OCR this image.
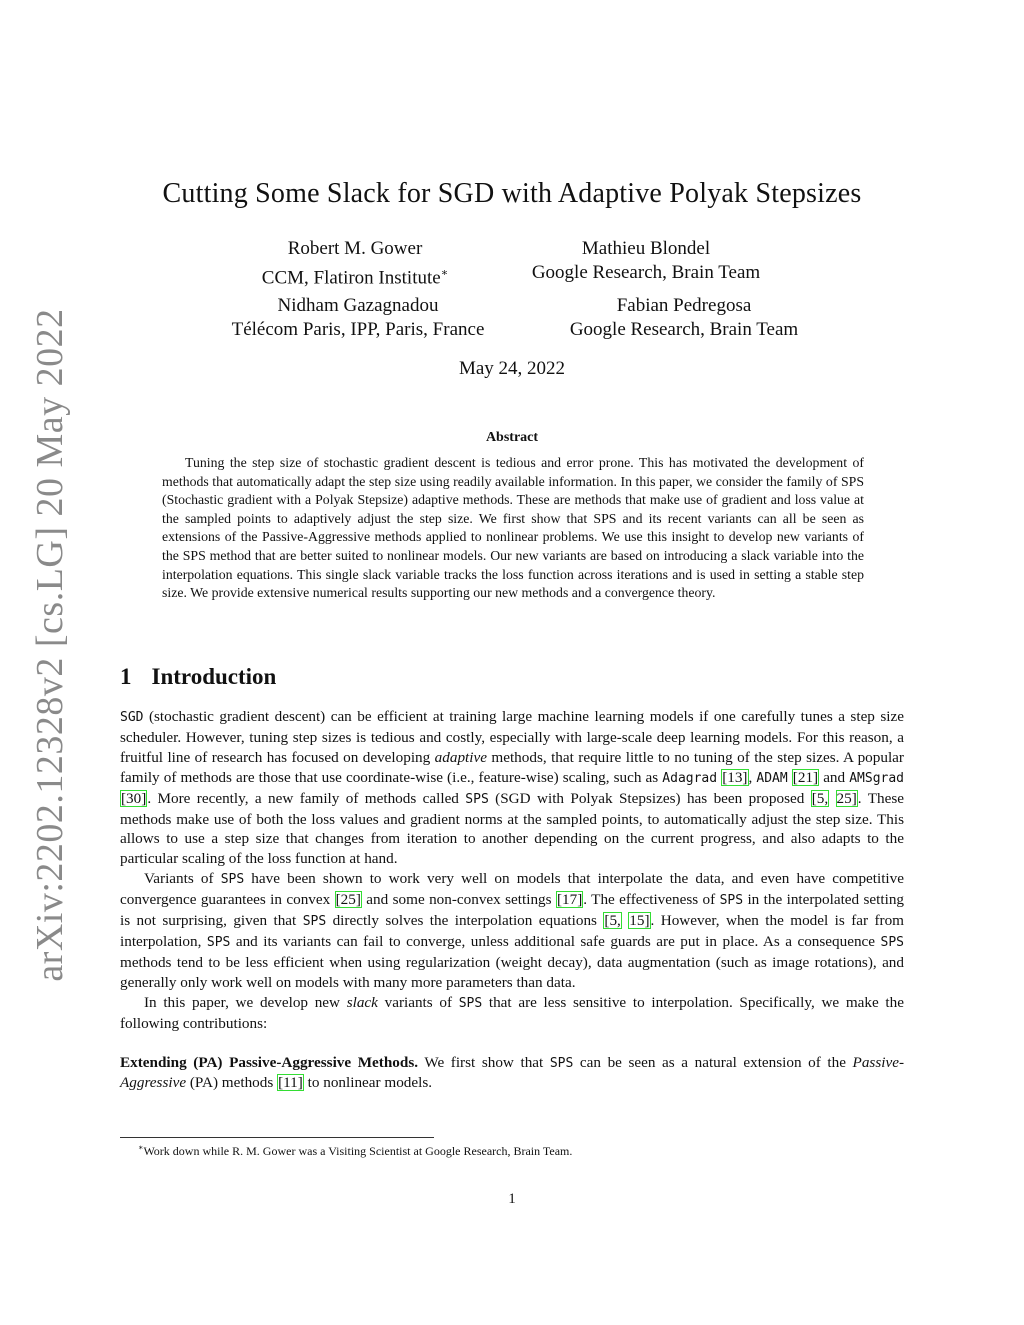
arXiv:2202.12328v2 [cs.LG] 20 May 2022
Cutting Some Slack for SGD with Adaptive Polyak Stepsizes
Robert M. Gower
CCM, Flatiron Institute∗
Mathieu Blondel
Google Research, Brain Team
Nidham Gazagnadou
Télécom Paris, IPP, Paris, France
Fabian Pedregosa
Google Research, Brain Team
May 24, 2022
Abstract

Tuning the step size of stochastic gradient descent is tedious and error prone. This has motivated the development of methods that automatically adapt the step size using readily available information. In this paper, we consider the family of SPS (Stochastic gradient with a Polyak Stepsize) adaptive methods. These are methods that make use of gradient and loss value at the sampled points to adaptively adjust the step size. We first show that SPS and its recent variants can all be seen as extensions of the Passive-Aggressive methods applied to nonlinear problems. We use this insight to develop new variants of the SPS method that are better suited to nonlinear models. Our new variants are based on introducing a slack variable into the interpolation equations. This single slack variable tracks the loss function across iterations and is used in setting a stable step size. We provide extensive numerical results supporting our new methods and a convergence theory.

1 Introduction

SGD (stochastic gradient descent) can be efficient at training large machine learning models if one carefully tunes a step size scheduler. However, tuning step sizes is tedious and costly, especially with large-scale deep learning models. For this reason, a fruitful line of research has focused on developing adaptive methods, that require little to no tuning of the step sizes. A popular family of methods are those that use coordinate-wise (i.e., feature-wise) scaling, such as Adagrad [13], ADAM [21] and AMSgrad [30]. More recently, a new family of methods called SPS (SGD with Polyak Stepsizes) has been proposed [5, 25]. These methods make use of both the loss values and gradient norms at the sampled points, to automatically adjust the step size. This allows to use a step size that changes from iteration to another depending on the current progress, and also adapts to the particular scaling of the loss function at hand.

Variants of SPS have been shown to work very well on models that interpolate the data, and even have competitive convergence guarantees in convex [25] and some non-convex settings [17]. The effectiveness of SPS in the interpolated setting is not surprising, given that SPS directly solves the interpolation equations [5, 15]. However, when the model is far from interpolation, SPS and its variants can fail to converge, unless additional safe guards are put in place. As a consequence SPS methods tend to be less efficient when using regularization (weight decay), data augmentation (such as image rotations), and generally only work well on models with many more parameters than data.

In this paper, we develop new slack variants of SPS that are less sensitive to interpolation. Specifically, we make the following contributions:

Extending (PA) Passive-Aggressive Methods. We first show that SPS can be seen as a natural extension of the Passive-Aggressive (PA) methods [11] to nonlinear models.

∗Work down while R. M. Gower was a Visiting Scientist at Google Research, Brain Team.
1
